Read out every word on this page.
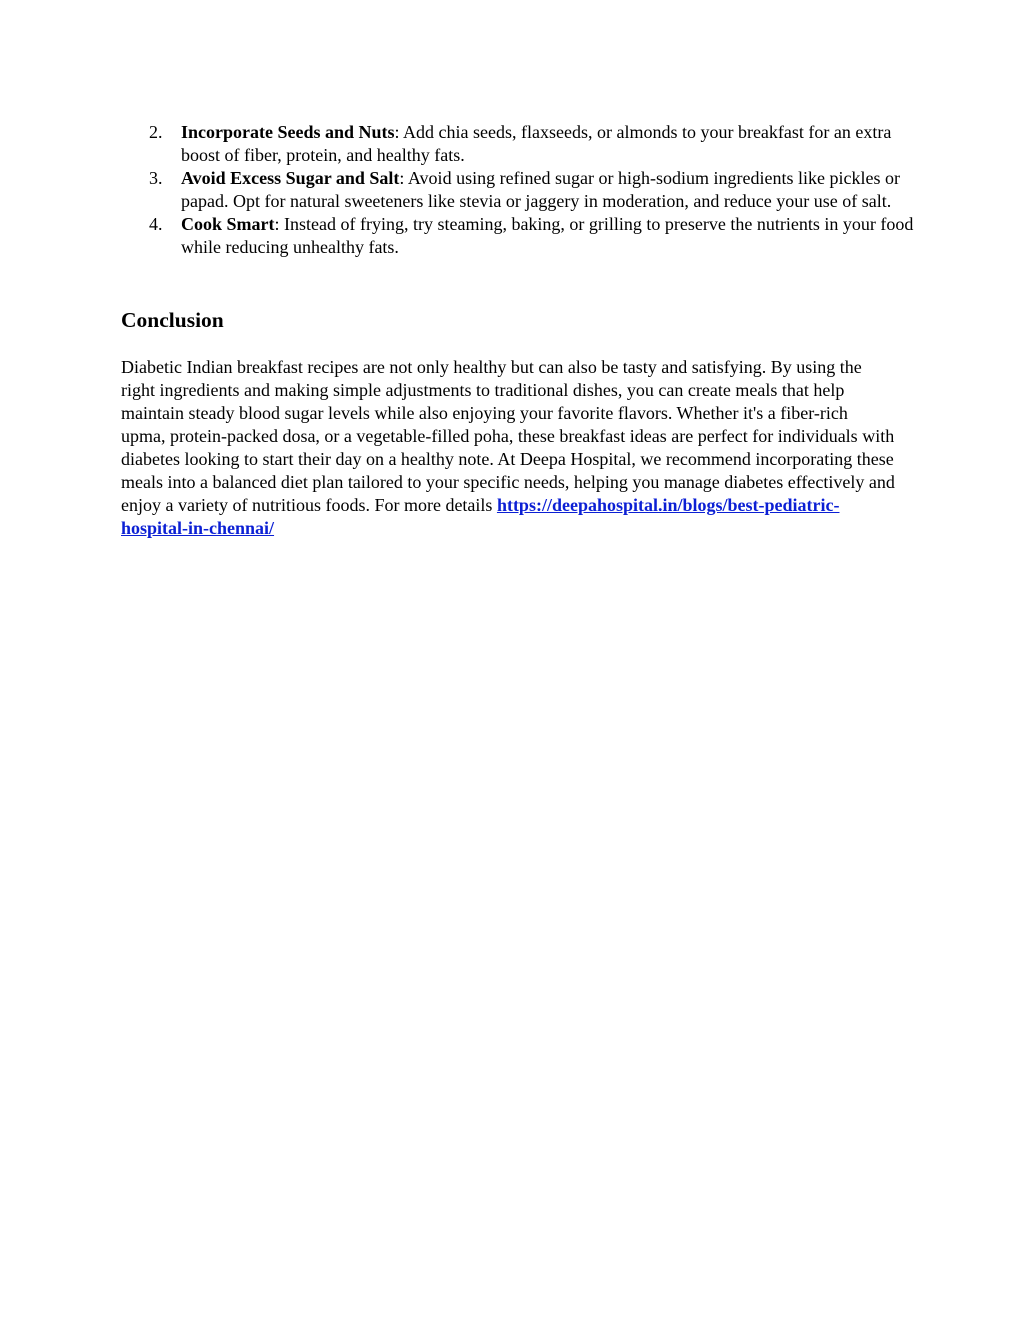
2. Incorporate Seeds and Nuts: Add chia seeds, flaxseeds, or almonds to your breakfast for an extra boost of fiber, protein, and healthy fats.
3. Avoid Excess Sugar and Salt: Avoid using refined sugar or high-sodium ingredients like pickles or papad. Opt for natural sweeteners like stevia or jaggery in moderation, and reduce your use of salt.
4. Cook Smart: Instead of frying, try steaming, baking, or grilling to preserve the nutrients in your food while reducing unhealthy fats.
Conclusion

Diabetic Indian breakfast recipes are not only healthy but can also be tasty and satisfying. By using the right ingredients and making simple adjustments to traditional dishes, you can create meals that help maintain steady blood sugar levels while also enjoying your favorite flavors. Whether it's a fiber-rich upma, protein-packed dosa, or a vegetable-filled poha, these breakfast ideas are perfect for individuals with diabetes looking to start their day on a healthy note. At Deepa Hospital, we recommend incorporating these meals into a balanced diet plan tailored to your specific needs, helping you manage diabetes effectively and enjoy a variety of nutritious foods. For more details https://deepahospital.in/blogs/best-pediatric-hospital-in-chennai/
